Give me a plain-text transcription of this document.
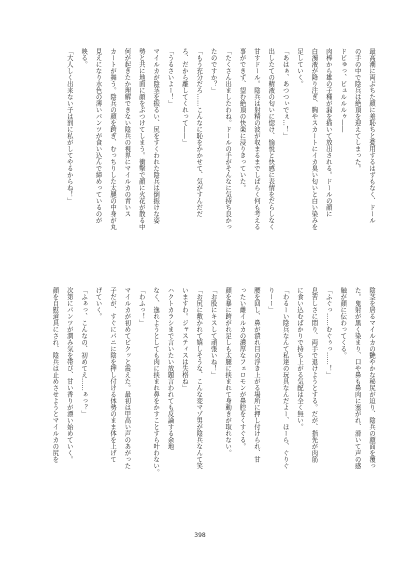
最高潮に両ぶちた顔に羞恥ちと憂用するはずもなく、ドール
の手の中で陰兵は絶頂を迎えてしまった。
ドビゅっ、ビュルルルゥ――
肉棒から雄の子種が漏を描いて放出される。ドールの顔に
白濁液が降り注ぎ、胸やスカートにイカ臭い匂いと白い染みを
足していく。
「あはぁ、あつつぃでぇ…！」
出したての精液の匂いに惚け、愉悦と快感に表情をだらしなく
甘すドール。陰兵は射精の波が収まるまでしばらく何も考える
事ができず、望む絶頂の快楽に浸りきっていた。
「たくさん出ましたわね。ドールの手がそんなに気持ち良かっ
たのですか？」
「もう充分だろ……こんなに恥をかかせて、気がすんだだ
ろ、だから離してくれって――」
「うるさいよー！」
マイルカが陰茎を振るい、尻をすくわれた陰兵は倒振けな姿
勢と共に地面に顔をぶつけてしまう。衝撃で顔に火花が散る中
何が起きたか理解できない陰兵の視界にマイルカの青いス
カートが舞う。陰兵の顔を跨ぎ、むっちりした太腿の中身が丸
見えになり水色の薄いパンツが食い込んで締めっているのが
映る。
「大人しく出来ない子は罰に私がしてやるからね！」
陰茎を居るマイルカの艶やかな秘尻が迫り、陰兵の顔面を覆っ
た。鬼射が黒く染まり、口や鼻も鼻肉に塞がれ、滑いて声の感
触が顔に伝わってくる。
「ふぐっ……むぐぅっ……！」
息苦しさに悶り、両手で退けようとする。だが、指先が肉筋
に食い込むばかりで持ち上がる気配は全く無い。
「わるーい陰兵なんて私達の玩具なんだよー、ほーら、ぐりぐ
りーー」
腰を回し、鼻が潰れ目の浮き上がる場所に押し付けられ、甘
ったい雌イルカの濃厚なフェロモンが鼻腔をくすぐる。
顔を暴に跨がれ足しも太腿に挟まれて身動きが取れない。
「お股にキスして頑張いね！」
「お尻に敷かれて嬉しそうな、こんな変マゾ男が陰兵なんて笑
いますわ。ジャスティスは失格ね」
ハクトカラシまで言いたい放題言われても反論する余地
なく、逸れようとしても肉に挟まれ鼻をかすことすら叶わない。
「わふっ！」
マイルカが初めてビクッと震えた。最初は甲高い声のあがった
子だが、すぐにパニに陰を押し付ける体勢のまま体を上げて
げていく。
「ふぁっ、こんなの、初めてえ……ぁっ？」
次第にパンツが潤み気を帯び、甘い香りが漂い始めていく。
顔を自慰道具にされ、陰兵は止めさせようとマイルカの尻を
398
